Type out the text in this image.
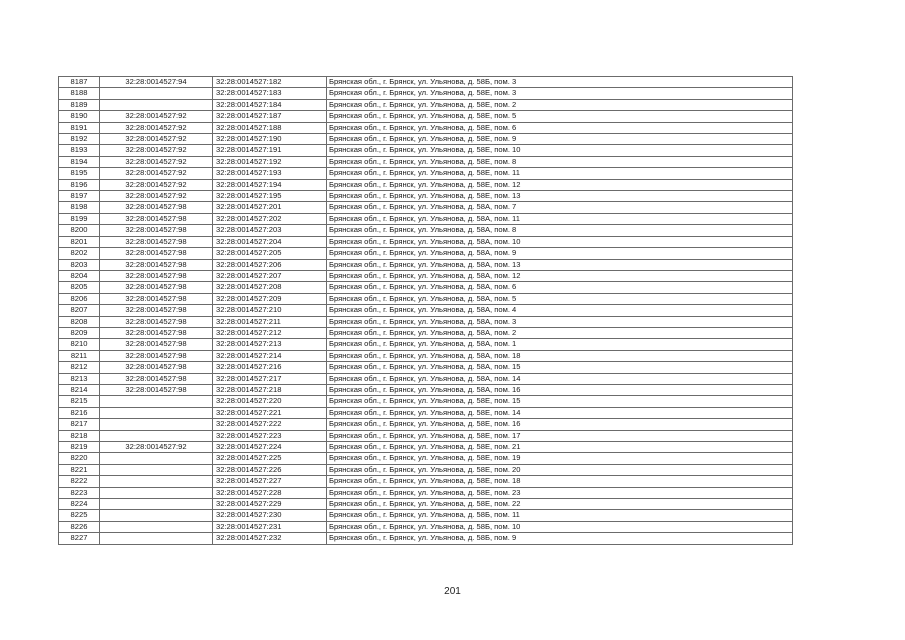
8187	32:28:0014527:94	32:28:0014527:182	Брянская обл., г. Брянск, ул. Ульянова, д. 58Б, пом. 3
8188		32:28:0014527:183	Брянская обл., г. Брянск, ул. Ульянова, д. 58Е, пом. 3
8189		32:28:0014527:184	Брянская обл., г. Брянск, ул. Ульянова, д. 58Е, пом. 2
8190	32:28:0014527:92	32:28:0014527:187	Брянская обл., г. Брянск, ул. Ульянова, д. 58Е, пом. 5
8191	32:28:0014527:92	32:28:0014527:188	Брянская обл., г. Брянск, ул. Ульянова, д. 58Е, пом. 6
8192	32:28:0014527:92	32:28:0014527:190	Брянская обл., г. Брянск, ул. Ульянова, д. 58Е, пом. 9
8193	32:28:0014527:92	32:28:0014527:191	Брянская обл., г. Брянск, ул. Ульянова, д. 58Е, пом. 10
8194	32:28:0014527:92	32:28:0014527:192	Брянская обл., г. Брянск, ул. Ульянова, д. 58Е, пом. 8
8195	32:28:0014527:92	32:28:0014527:193	Брянская обл., г. Брянск, ул. Ульянова, д. 58Е, пом. 11
8196	32:28:0014527:92	32:28:0014527:194	Брянская обл., г. Брянск, ул. Ульянова, д. 58Е, пом. 12
8197	32:28:0014527:92	32:28:0014527:195	Брянская обл., г. Брянск, ул. Ульянова, д. 58Е, пом. 13
8198	32:28:0014527:98	32:28:0014527:201	Брянская обл., г. Брянск, ул. Ульянова, д. 58А, пом. 7
8199	32:28:0014527:98	32:28:0014527:202	Брянская обл., г. Брянск, ул. Ульянова, д. 58А, пом. 11
8200	32:28:0014527:98	32:28:0014527:203	Брянская обл., г. Брянск, ул. Ульянова, д. 58А, пом. 8
8201	32:28:0014527:98	32:28:0014527:204	Брянская обл., г. Брянск, ул. Ульянова, д. 58А, пом. 10
8202	32:28:0014527:98	32:28:0014527:205	Брянская обл., г. Брянск, ул. Ульянова, д. 58А, пом. 9
8203	32:28:0014527:98	32:28:0014527:206	Брянская обл., г. Брянск, ул. Ульянова, д. 58А, пом. 13
8204	32:28:0014527:98	32:28:0014527:207	Брянская обл., г. Брянск, ул. Ульянова, д. 58А, пом. 12
8205	32:28:0014527:98	32:28:0014527:208	Брянская обл., г. Брянск, ул. Ульянова, д. 58А, пом. 6
8206	32:28:0014527:98	32:28:0014527:209	Брянская обл., г. Брянск, ул. Ульянова, д. 58А, пом. 5
8207	32:28:0014527:98	32:28:0014527:210	Брянская обл., г. Брянск, ул. Ульянова, д. 58А, пом. 4
8208	32:28:0014527:98	32:28:0014527:211	Брянская обл., г. Брянск, ул. Ульянова, д. 58А, пом. 3
8209	32:28:0014527:98	32:28:0014527:212	Брянская обл., г. Брянск, ул. Ульянова, д. 58А, пом. 2
8210	32:28:0014527:98	32:28:0014527:213	Брянская обл., г. Брянск, ул. Ульянова, д. 58А, пом. 1
8211	32:28:0014527:98	32:28:0014527:214	Брянская обл., г. Брянск, ул. Ульянова, д. 58А, пом. 18
8212	32:28:0014527:98	32:28:0014527:216	Брянская обл., г. Брянск, ул. Ульянова, д. 58А, пом. 15
8213	32:28:0014527:98	32:28:0014527:217	Брянская обл., г. Брянск, ул. Ульянова, д. 58А, пом. 14
8214	32:28:0014527:98	32:28:0014527:218	Брянская обл., г. Брянск, ул. Ульянова, д. 58А, пом. 16
8215		32:28:0014527:220	Брянская обл., г. Брянск, ул. Ульянова, д. 58Е, пом. 15
8216		32:28:0014527:221	Брянская обл., г. Брянск, ул. Ульянова, д. 58Е, пом. 14
8217		32:28:0014527:222	Брянская обл., г. Брянск, ул. Ульянова, д. 58Е, пом. 16
8218		32:28:0014527:223	Брянская обл., г. Брянск, ул. Ульянова, д. 58Е, пом. 17
8219	32:28:0014527:92	32:28:0014527:224	Брянская обл., г. Брянск, ул. Ульянова, д. 58Е, пом. 21
8220		32:28:0014527:225	Брянская обл., г. Брянск, ул. Ульянова, д. 58Е, пом. 19
8221		32:28:0014527:226	Брянская обл., г. Брянск, ул. Ульянова, д. 58Е, пом. 20
8222		32:28:0014527:227	Брянская обл., г. Брянск, ул. Ульянова, д. 58Е, пом. 18
8223		32:28:0014527:228	Брянская обл., г. Брянск, ул. Ульянова, д. 58Е, пом. 23
8224		32:28:0014527:229	Брянская обл., г. Брянск, ул. Ульянова, д. 58Е, пом. 22
8225		32:28:0014527:230	Брянская обл., г. Брянск, ул. Ульянова, д. 58Б, пом. 11
8226		32:28:0014527:231	Брянская обл., г. Брянск, ул. Ульянова, д. 58Б, пом. 10
8227		32:28:0014527:232	Брянская обл., г. Брянск, ул. Ульянова, д. 58Б, пом. 9
201
